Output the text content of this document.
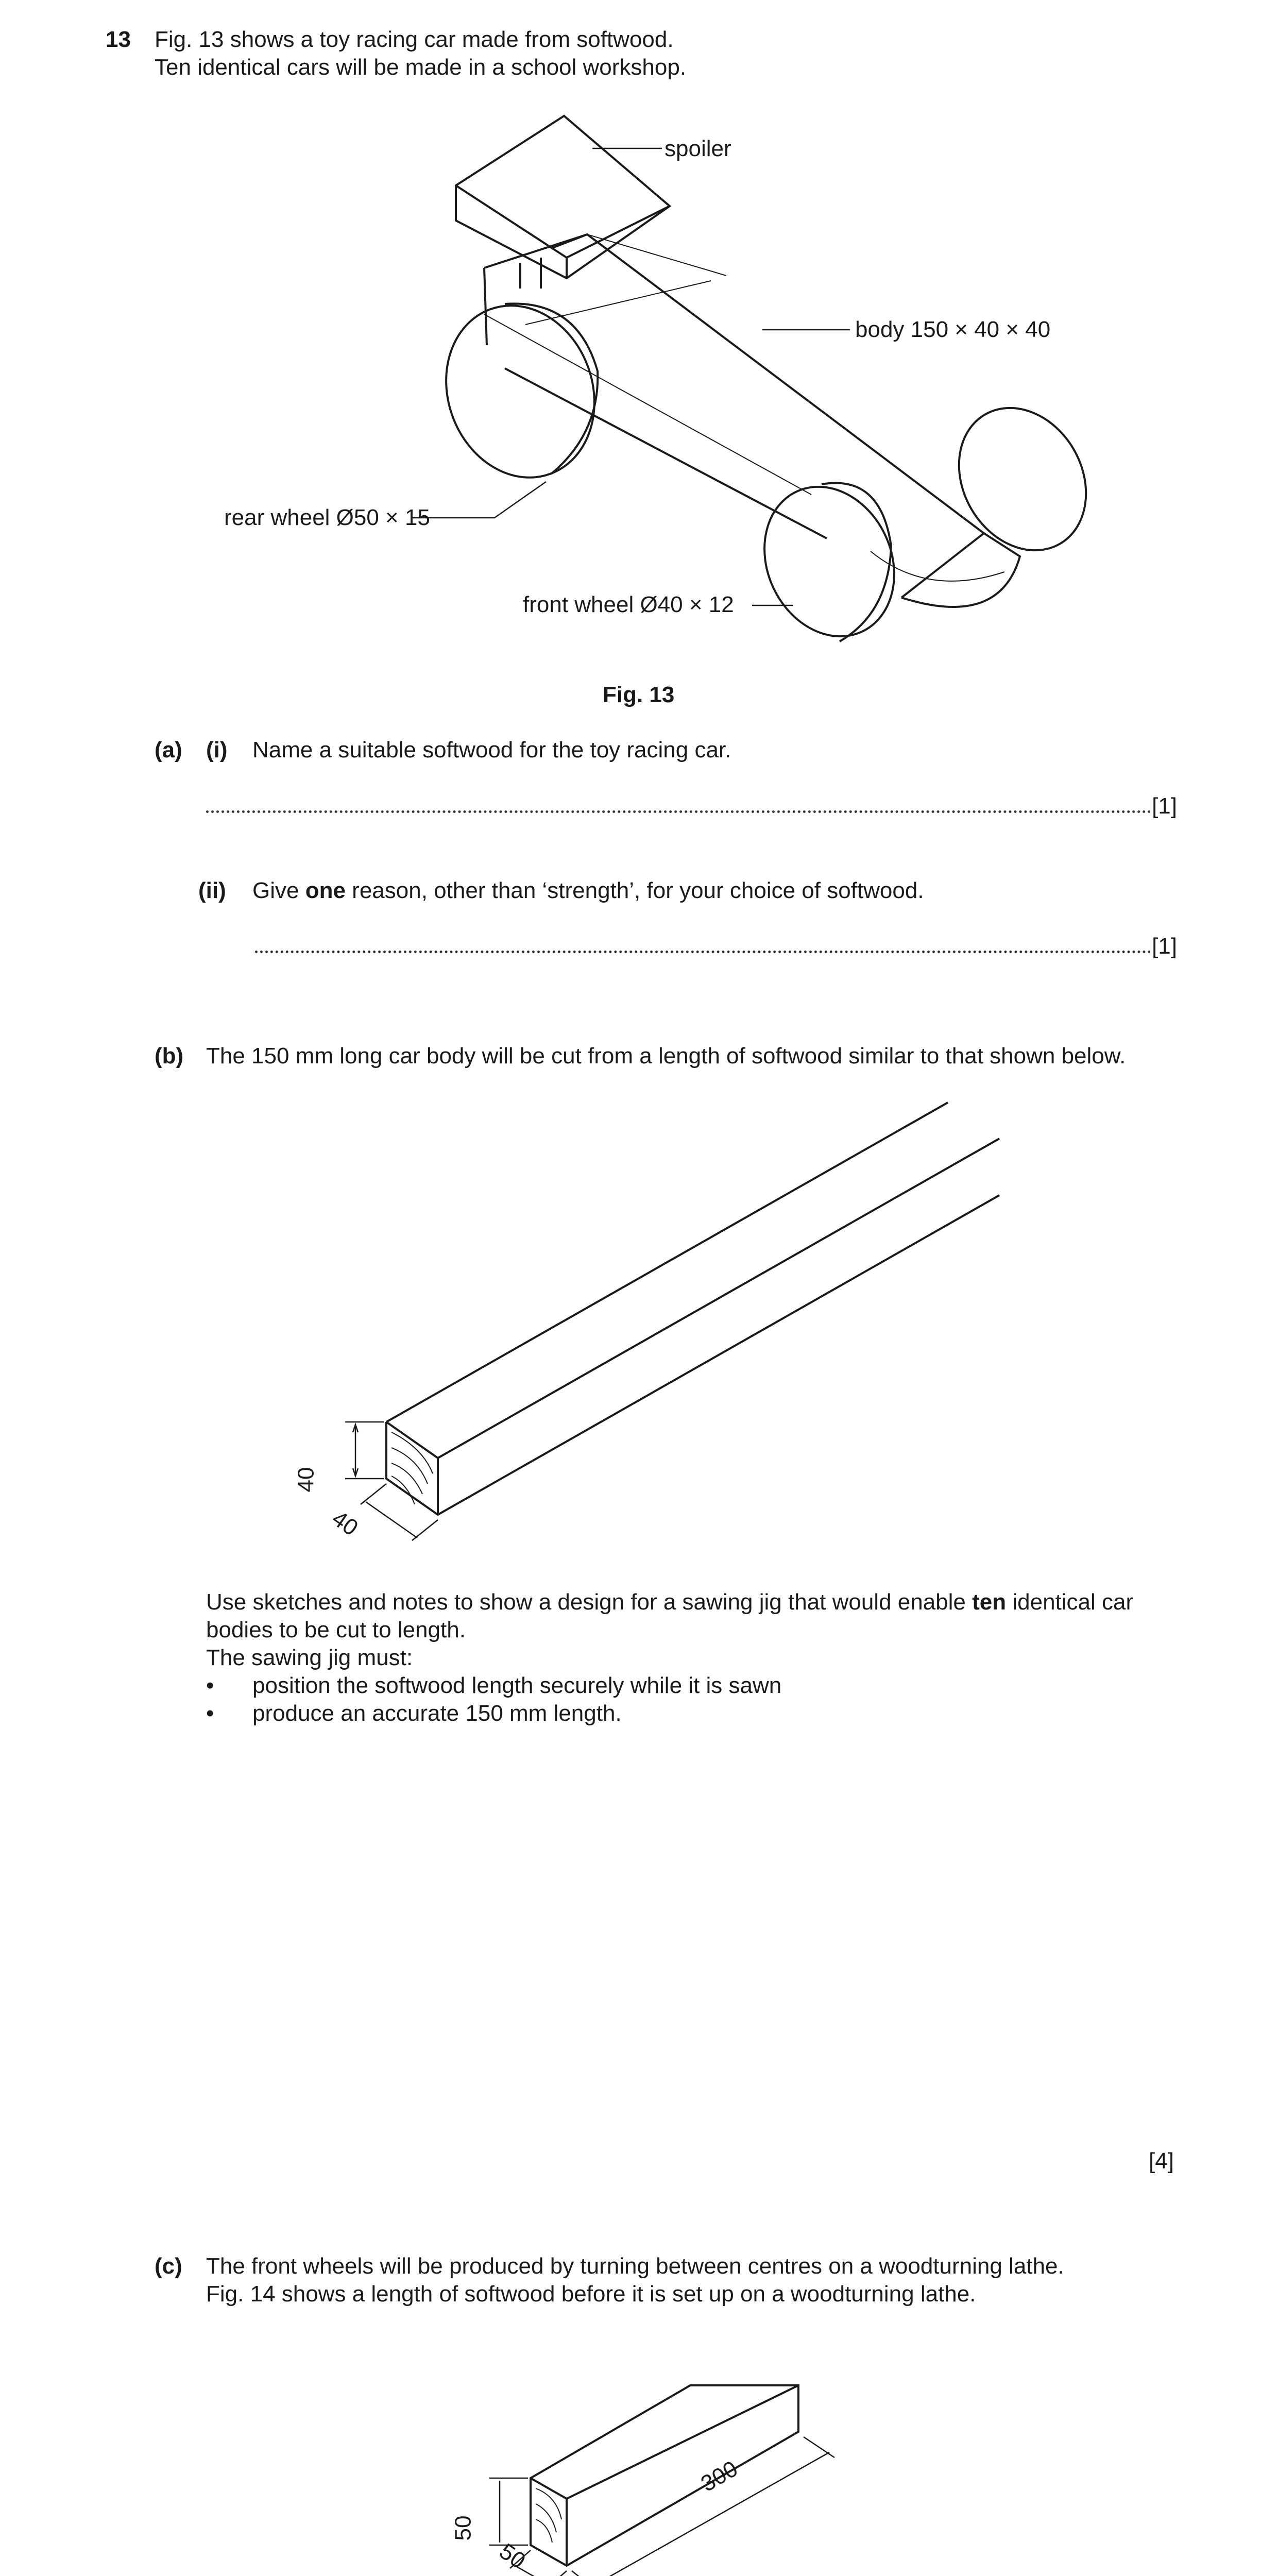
13 Fig. 13 shows a toy racing car made from softwood.
Ten identical cars will be made in a school workshop.
spoiler
body 150 × 40 × 40
rear wheel Ø50 × 15
front wheel Ø40 × 12
Fig. 13
(a) (i) Name a suitable softwood for the toy racing car.
[1]
(ii) Give one reason, other than ‘strength’, for your choice of softwood.
[1]
(b) The 150 mm long car body will be cut from a length of softwood similar to that shown below.
40
40
Use sketches and notes to show a design for a sawing jig that would enable ten identical car
bodies to be cut to length.
The sawing jig must:
• position the softwood length securely while it is sawn
• produce an accurate 150 mm length.
[4]
(c) The front wheels will be produced by turning between centres on a woodturning lathe.
Fig. 14 shows a length of softwood before it is set up on a woodturning lathe.
50
50
300
